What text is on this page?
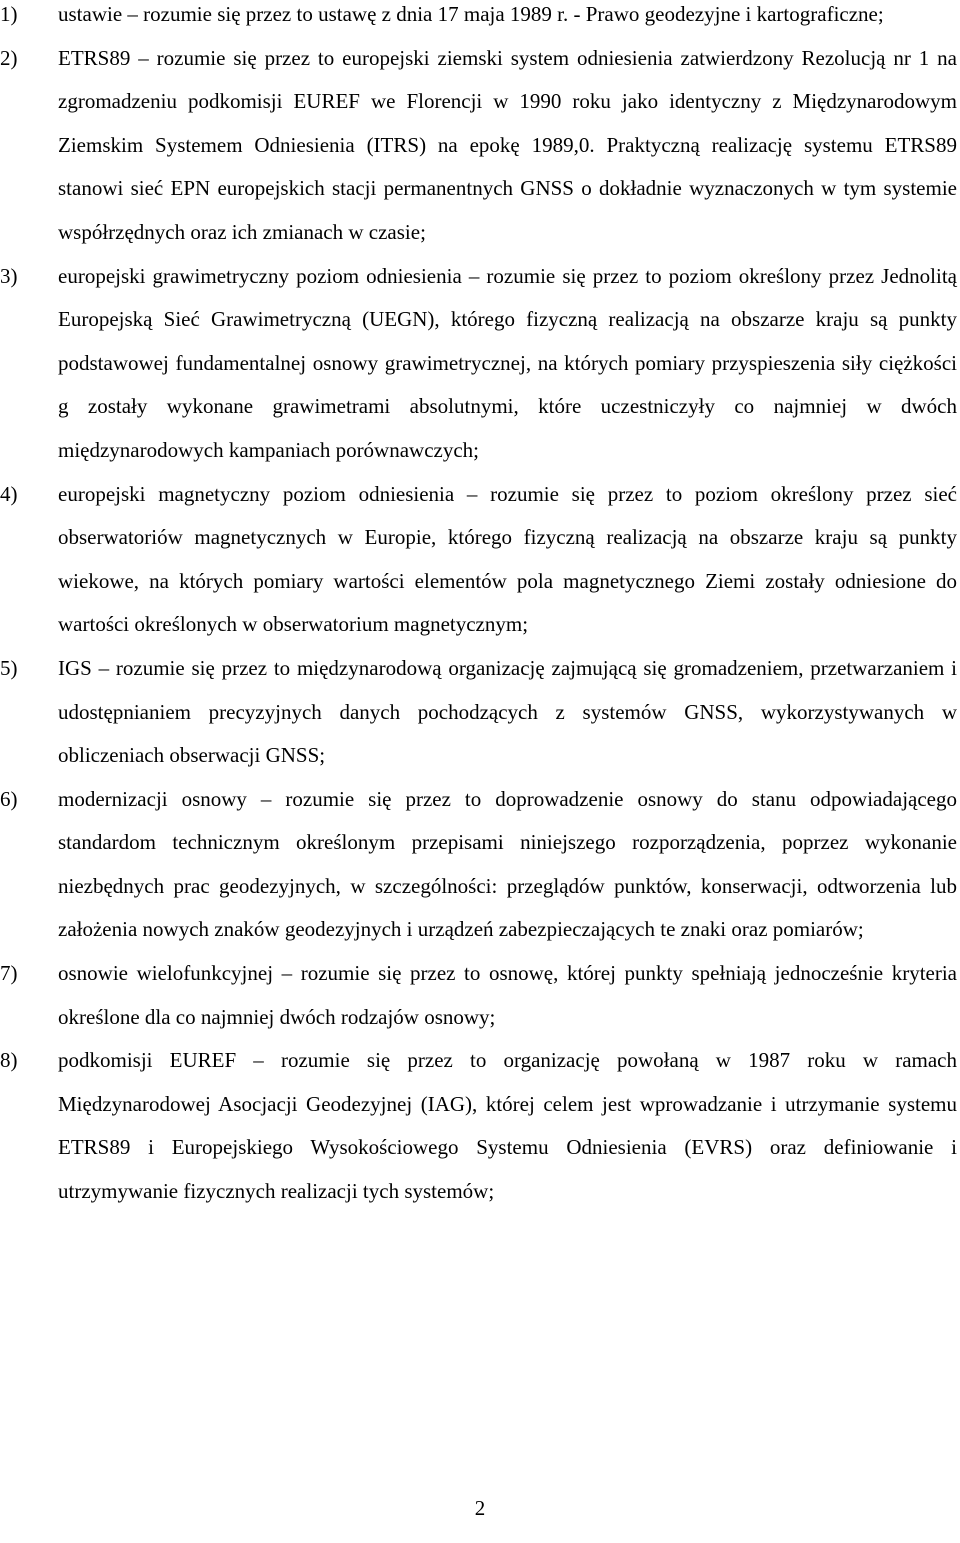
1)	ustawie – rozumie się przez to ustawę z dnia 17 maja 1989 r. - Prawo geodezyjne i kartograficzne;
2)	ETRS89 – rozumie się przez to europejski ziemski system odniesienia zatwierdzony Rezolucją nr 1 na zgromadzeniu podkomisji EUREF we Florencji w 1990 roku jako identyczny z Międzynarodowym Ziemskim Systemem Odniesienia (ITRS) na epokę 1989,0. Praktyczną realizację systemu ETRS89 stanowi sieć EPN europejskich stacji permanentnych GNSS o dokładnie wyznaczonych w tym systemie współrzędnych oraz ich zmianach w czasie;
3)	europejski grawimetryczny poziom odniesienia – rozumie się przez to poziom określony przez Jednolitą Europejską Sieć Grawimetryczną (UEGN), którego fizyczną realizacją na obszarze kraju są punkty podstawowej fundamentalnej osnowy grawimetrycznej, na których pomiary przyspieszenia siły ciężkości g zostały wykonane grawimetrami absolutnymi, które uczestniczyły co najmniej w dwóch międzynarodowych kampaniach porównawczych;
4)	europejski magnetyczny poziom odniesienia – rozumie się przez to poziom określony przez sieć obserwatoriów magnetycznych w Europie, którego fizyczną realizacją na obszarze kraju są punkty wiekowe, na których pomiary wartości elementów pola magnetycznego Ziemi zostały odniesione do wartości określonych w obserwatorium magnetycznym;
5)	IGS – rozumie się przez to międzynarodową organizację zajmującą się gromadzeniem, przetwarzaniem i udostępnianiem precyzyjnych danych pochodzących z systemów GNSS, wykorzystywanych w obliczeniach obserwacji GNSS;
6)	modernizacji osnowy – rozumie się przez to doprowadzenie osnowy do stanu odpowiadającego standardom technicznym określonym przepisami niniejszego rozporządzenia, poprzez wykonanie niezbędnych prac geodezyjnych, w szczególności: przeglądów punktów, konserwacji, odtworzenia lub założenia nowych znaków geodezyjnych i urządzeń zabezpieczających te znaki oraz pomiarów;
7)	osnowie wielofunkcyjnej – rozumie się przez to osnowę, której punkty spełniają jednocześnie kryteria określone dla co najmniej dwóch rodzajów osnowy;
8)	podkomisji EUREF – rozumie się przez to organizację powołaną w 1987 roku w ramach Międzynarodowej Asocjacji Geodezyjnej (IAG), której celem jest wprowadzanie i utrzymanie systemu ETRS89 i Europejskiego Wysokościowego Systemu Odniesienia (EVRS) oraz definiowanie i utrzymywanie fizycznych realizacji tych systemów;
2
